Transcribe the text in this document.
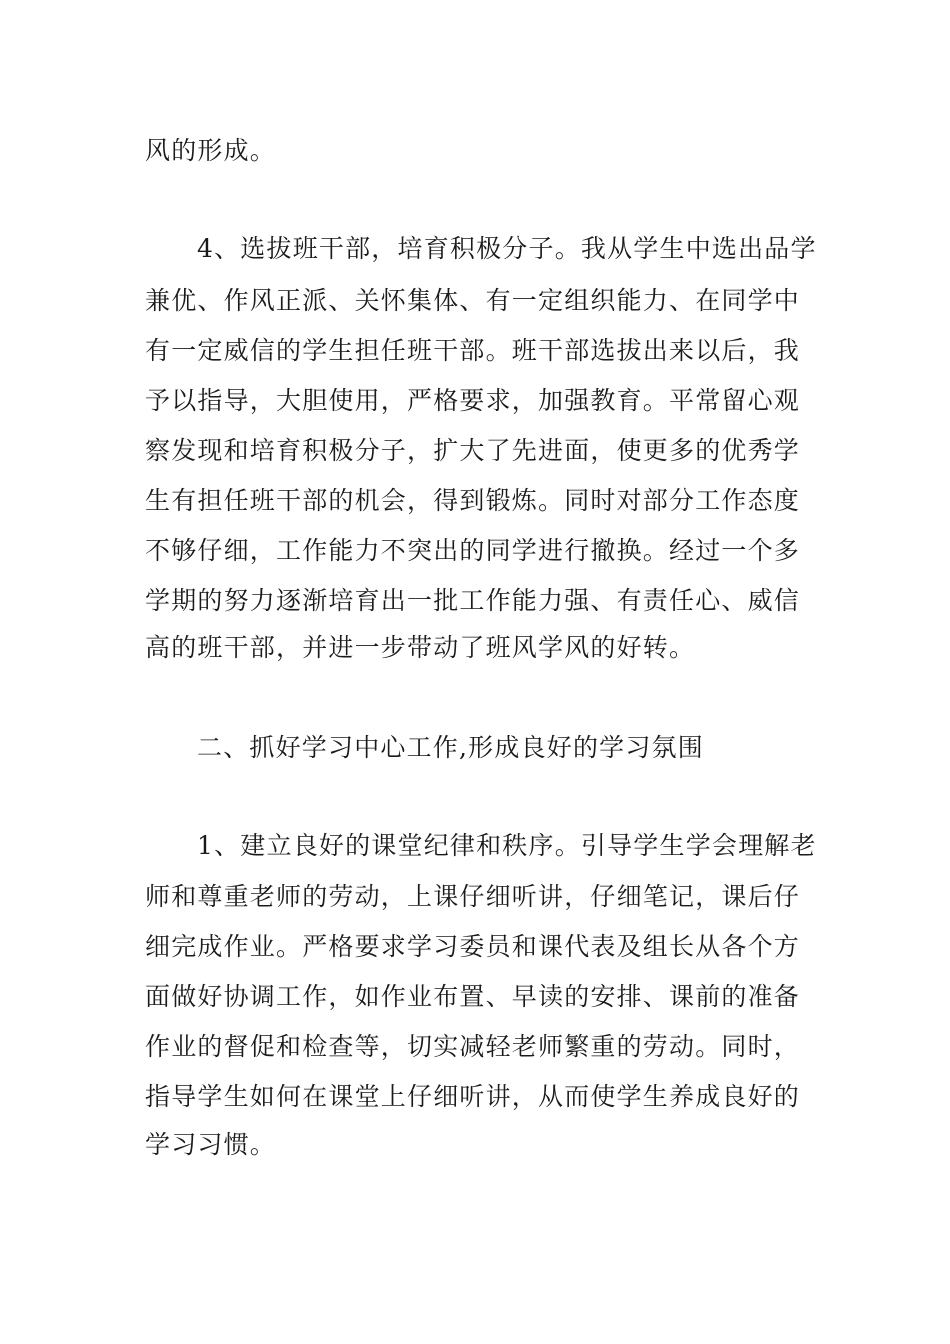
风的形成。
4、选拔班干部，培育积极分子。我从学生中选出品学
兼优、作风正派、关怀集体、有一定组织能力、在同学中
有一定威信的学生担任班干部。班干部选拔出来以后，我
予以指导，大胆使用，严格要求，加强教育。平常留心观
察发现和培育积极分子，扩大了先进面，使更多的优秀学
生有担任班干部的机会，得到锻炼。同时对部分工作态度
不够仔细，工作能力不突出的同学进行撤换。经过一个多
学期的努力逐渐培育出一批工作能力强、有责任心、威信
高的班干部，并进一步带动了班风学风的好转。
二、抓好学习中心工作,形成良好的学习氛围
1、建立良好的课堂纪律和秩序。引导学生学会理解老
师和尊重老师的劳动，上课仔细听讲，仔细笔记，课后仔
细完成作业。严格要求学习委员和课代表及组长从各个方
面做好协调工作，如作业布置、早读的安排、课前的准备
作业的督促和检查等，切实减轻老师繁重的劳动。同时，
指导学生如何在课堂上仔细听讲，从而使学生养成良好的
学习习惯。
